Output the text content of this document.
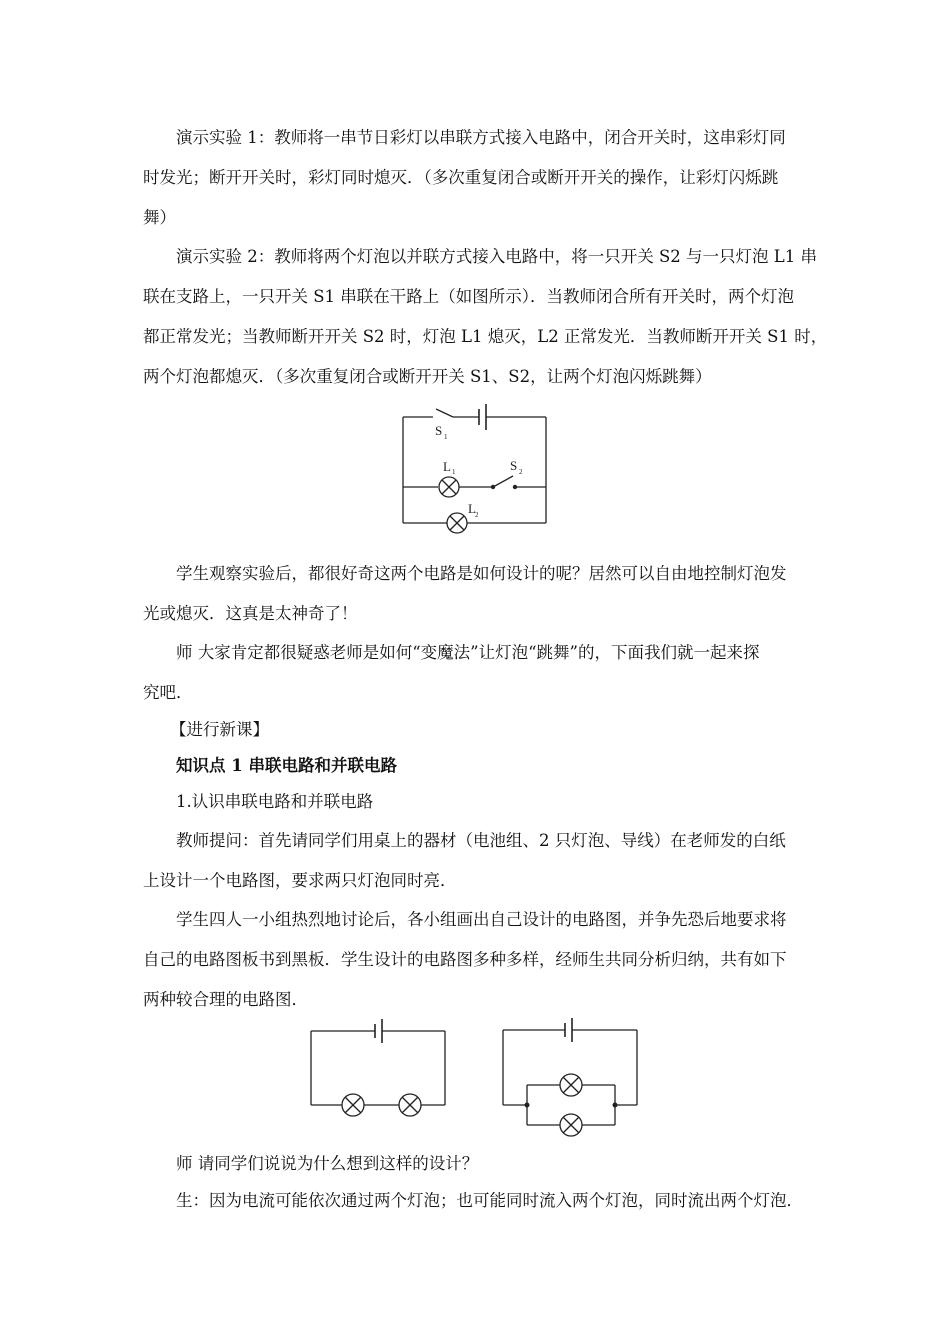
演示实验 1：教师将一串节日彩灯以串联方式接入电路中，闭合开关时，这串彩灯同
时发光；断开开关时，彩灯同时熄灭．（多次重复闭合或断开开关的操作，让彩灯闪烁跳
舞）
演示实验 2：教师将两个灯泡以并联方式接入电路中，将一只开关 S2 与一只灯泡 L1 串
联在支路上，一只开关 S1 串联在干路上（如图所示）．当教师闭合所有开关时，两个灯泡
都正常发光；当教师断开开关 S2 时，灯泡 L1 熄灭，L2 正常发光．当教师断开开关 S1 时，
两个灯泡都熄灭．（多次重复闭合或断开开关 S1、S2，让两个灯泡闪烁跳舞）
S 1
L 1	S 2
L 2
学生观察实验后，都很好奇这两个电路是如何设计的呢？居然可以自由地控制灯泡发
光或熄灭．这真是太神奇了！
师 大家肯定都很疑惑老师是如何“变魔法”让灯泡“跳舞”的，下面我们就一起来探
究吧．
【进行新课】
知识点 1 串联电路和并联电路
1.认识串联电路和并联电路
教师提问：首先请同学们用桌上的器材（电池组、2 只灯泡、导线）在老师发的白纸
上设计一个电路图，要求两只灯泡同时亮．
学生四人一小组热烈地讨论后，各小组画出自己设计的电路图，并争先恐后地要求将
自己的电路图板书到黑板．学生设计的电路图多种多样，经师生共同分析归纳，共有如下
两种较合理的电路图．
师 请同学们说说为什么想到这样的设计？
生：因为电流可能依次通过两个灯泡；也可能同时流入两个灯泡，同时流出两个灯泡．
